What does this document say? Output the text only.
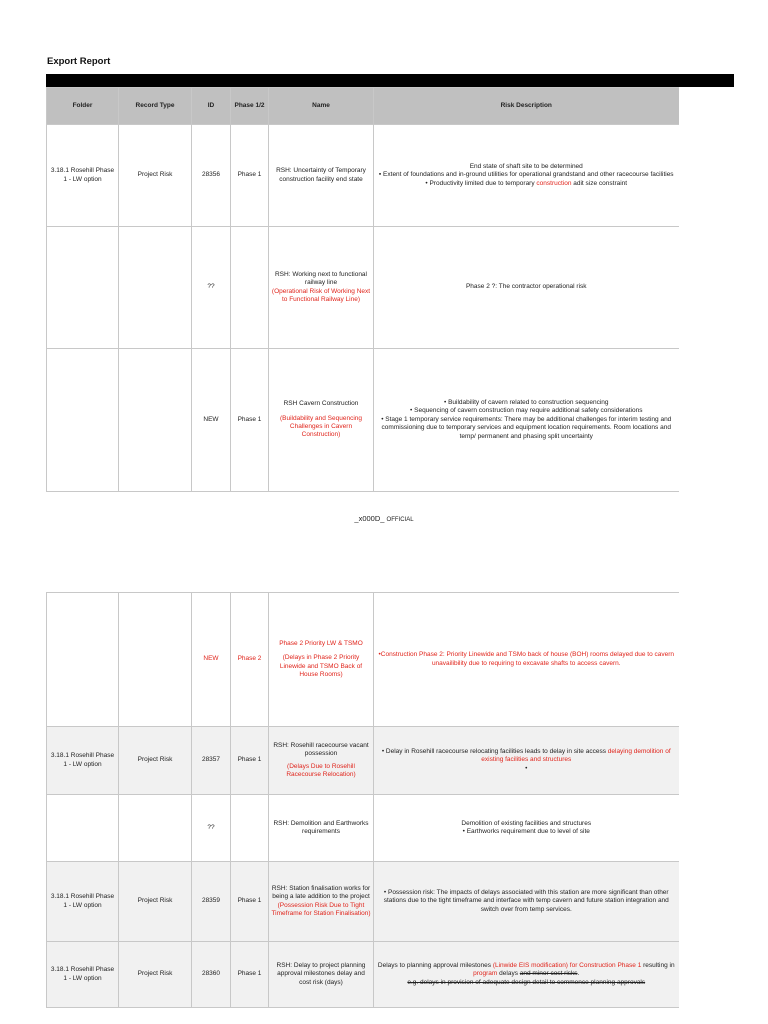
Export Report
Folder	Record Type	ID	Phase 1/2	Name	Risk Description
3.18.1 Rosehill Phase 1 - LW option	Project Risk	28356	Phase 1	RSH: Uncertainty of Temporary construction facility end state	End state of shaft site to be determined
▪ Extent of foundations and in-ground utilities for operational grandstand and other racecourse facilities
• Productivity limited due to temporary construction adit size constraint

		??		RSH: Working next to functional railway line
(Operational Risk of Working Next to Functional Railway Line)	Phase 2 ?: The contractor operational risk
		NEW	Phase 1	RSH Cavern Construction
(Buildability and Sequencing Challenges in Cavern Construction)	• Buildability of cavern related to construction sequencing
• Sequencing of cavern construction may require additional safety considerations
• Stage 1 temporary service requirements: There may be additional challenges for interim testing and commissioning due to temporary services and equipment location requirements. Room locations and temp/ permanent and phasing split uncertainty
_x000D_ OFFICIAL
		NEW	Phase 2	Phase 2 Priority LW & TSMO
(Delays in Phase 2 Priority Linewide and TSMO Back of House Rooms)	•Construction Phase 2: Priority Linewide and TSMo back of house (BOH) rooms delayed due to cavern unavailibility due to requiring to excavate shafts to access cavern.
3.18.1 Rosehill Phase 1 - LW option	Project Risk	28357	Phase 1	RSH: Rosehill racecourse vacant possession
(Delays Due to Rosehill Racecourse Relocation)	• Delay in Rosehill racecourse relocating facilities leads to delay in site access delaying demolition of existing facilities and structures
•

		??		RSH: Demolition and Earthworks requirements	Demolition of existing facilities and structures
• Earthworks requirement due to level of site

3.18.1 Rosehill Phase 1 - LW option	Project Risk	28359	Phase 1	RSH: Station finalisation works for being a late addition to the project
(Possession Risk Due to Tight Timeframe for Station Finalisation)	• Possession risk: The impacts of delays associated with this station are more significant than other stations due to the tight timeframe and interface with temp cavern and future station integration and switch over from temp services.
3.18.1 Rosehill Phase 1 - LW option	Project Risk	28360	Phase 1	RSH: Delay to project planning approval milestones delay and cost risk (days)	Delays to planning approval milestones (Linwide EIS modification) for Construction Phase 1 resulting in program delays and minor cost risks.
e.g. delays in provision of adequate design detail to commence planning approvals
